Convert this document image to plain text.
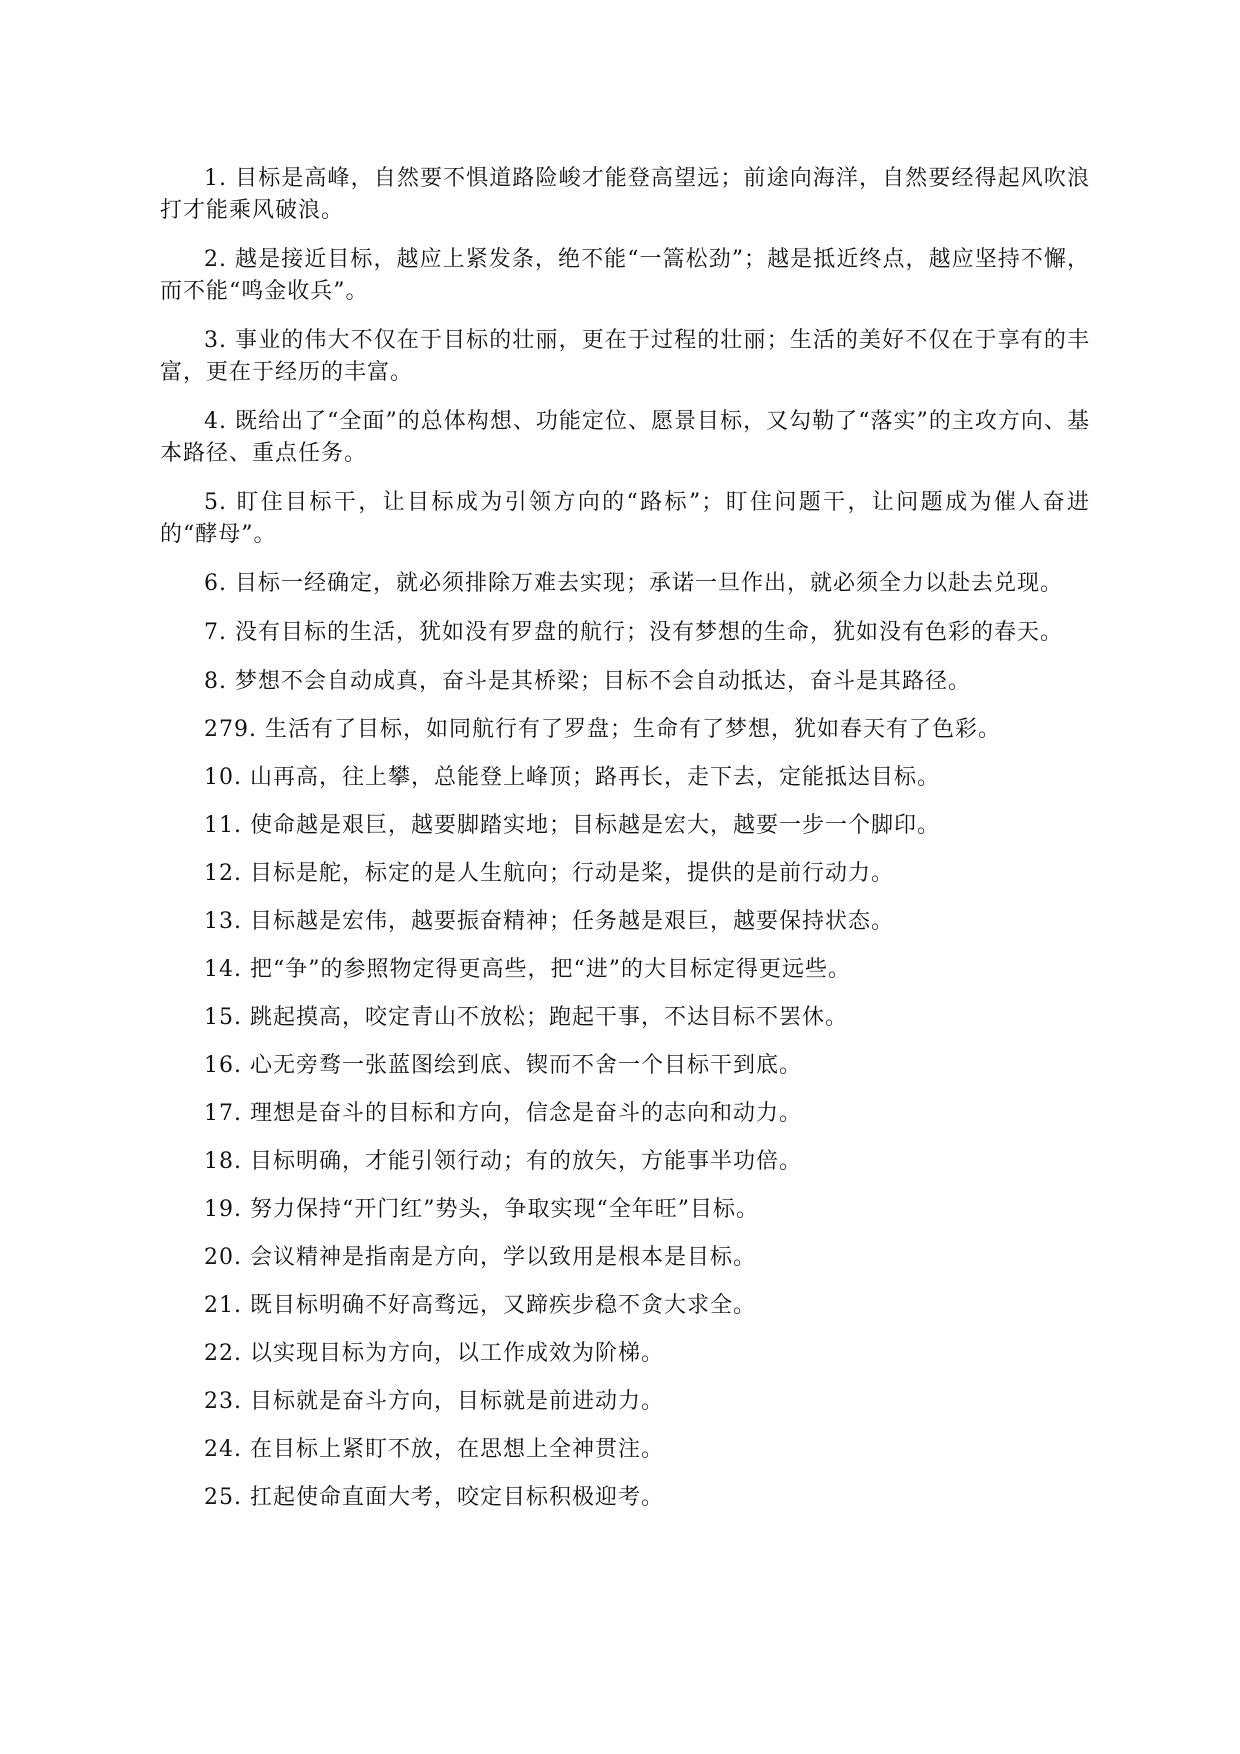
1. 目标是高峰，自然要不惧道路险峻才能登高望远；前途向海洋，自然要经得起风吹浪打才能乘风破浪。

2. 越是接近目标，越应上紧发条，绝不能“一篙松劲”；越是抵近终点，越应坚持不懈，而不能“鸣金收兵”。

3. 事业的伟大不仅在于目标的壮丽，更在于过程的壮丽；生活的美好不仅在于享有的丰富，更在于经历的丰富。

4. 既给出了“全面”的总体构想、功能定位、愿景目标，又勾勒了“落实”的主攻方向、基本路径、重点任务。

5. 盯住目标干，让目标成为引领方向的“路标”；盯住问题干，让问题成为催人奋进的“酵母”。

6. 目标一经确定，就必须排除万难去实现；承诺一旦作出，就必须全力以赴去兑现。

7. 没有目标的生活，犹如没有罗盘的航行；没有梦想的生命，犹如没有色彩的春天。

8. 梦想不会自动成真，奋斗是其桥梁；目标不会自动抵达，奋斗是其路径。

279. 生活有了目标，如同航行有了罗盘；生命有了梦想，犹如春天有了色彩。

10. 山再高，往上攀，总能登上峰顶；路再长，走下去，定能抵达目标。

11. 使命越是艰巨，越要脚踏实地；目标越是宏大，越要一步一个脚印。

12. 目标是舵，标定的是人生航向；行动是桨，提供的是前行动力。

13. 目标越是宏伟，越要振奋精神；任务越是艰巨，越要保持状态。

14. 把“争”的参照物定得更高些，把“进”的大目标定得更远些。

15. 跳起摸高，咬定青山不放松；跑起干事，不达目标不罢休。

16. 心无旁骛一张蓝图绘到底、锲而不舍一个目标干到底。

17. 理想是奋斗的目标和方向，信念是奋斗的志向和动力。

18. 目标明确，才能引领行动；有的放矢，方能事半功倍。

19. 努力保持“开门红”势头，争取实现“全年旺”目标。

20. 会议精神是指南是方向，学以致用是根本是目标。

21. 既目标明确不好高骛远，又蹄疾步稳不贪大求全。

22. 以实现目标为方向，以工作成效为阶梯。

23. 目标就是奋斗方向，目标就是前进动力。

24. 在目标上紧盯不放，在思想上全神贯注。

25. 扛起使命直面大考，咬定目标积极迎考。
